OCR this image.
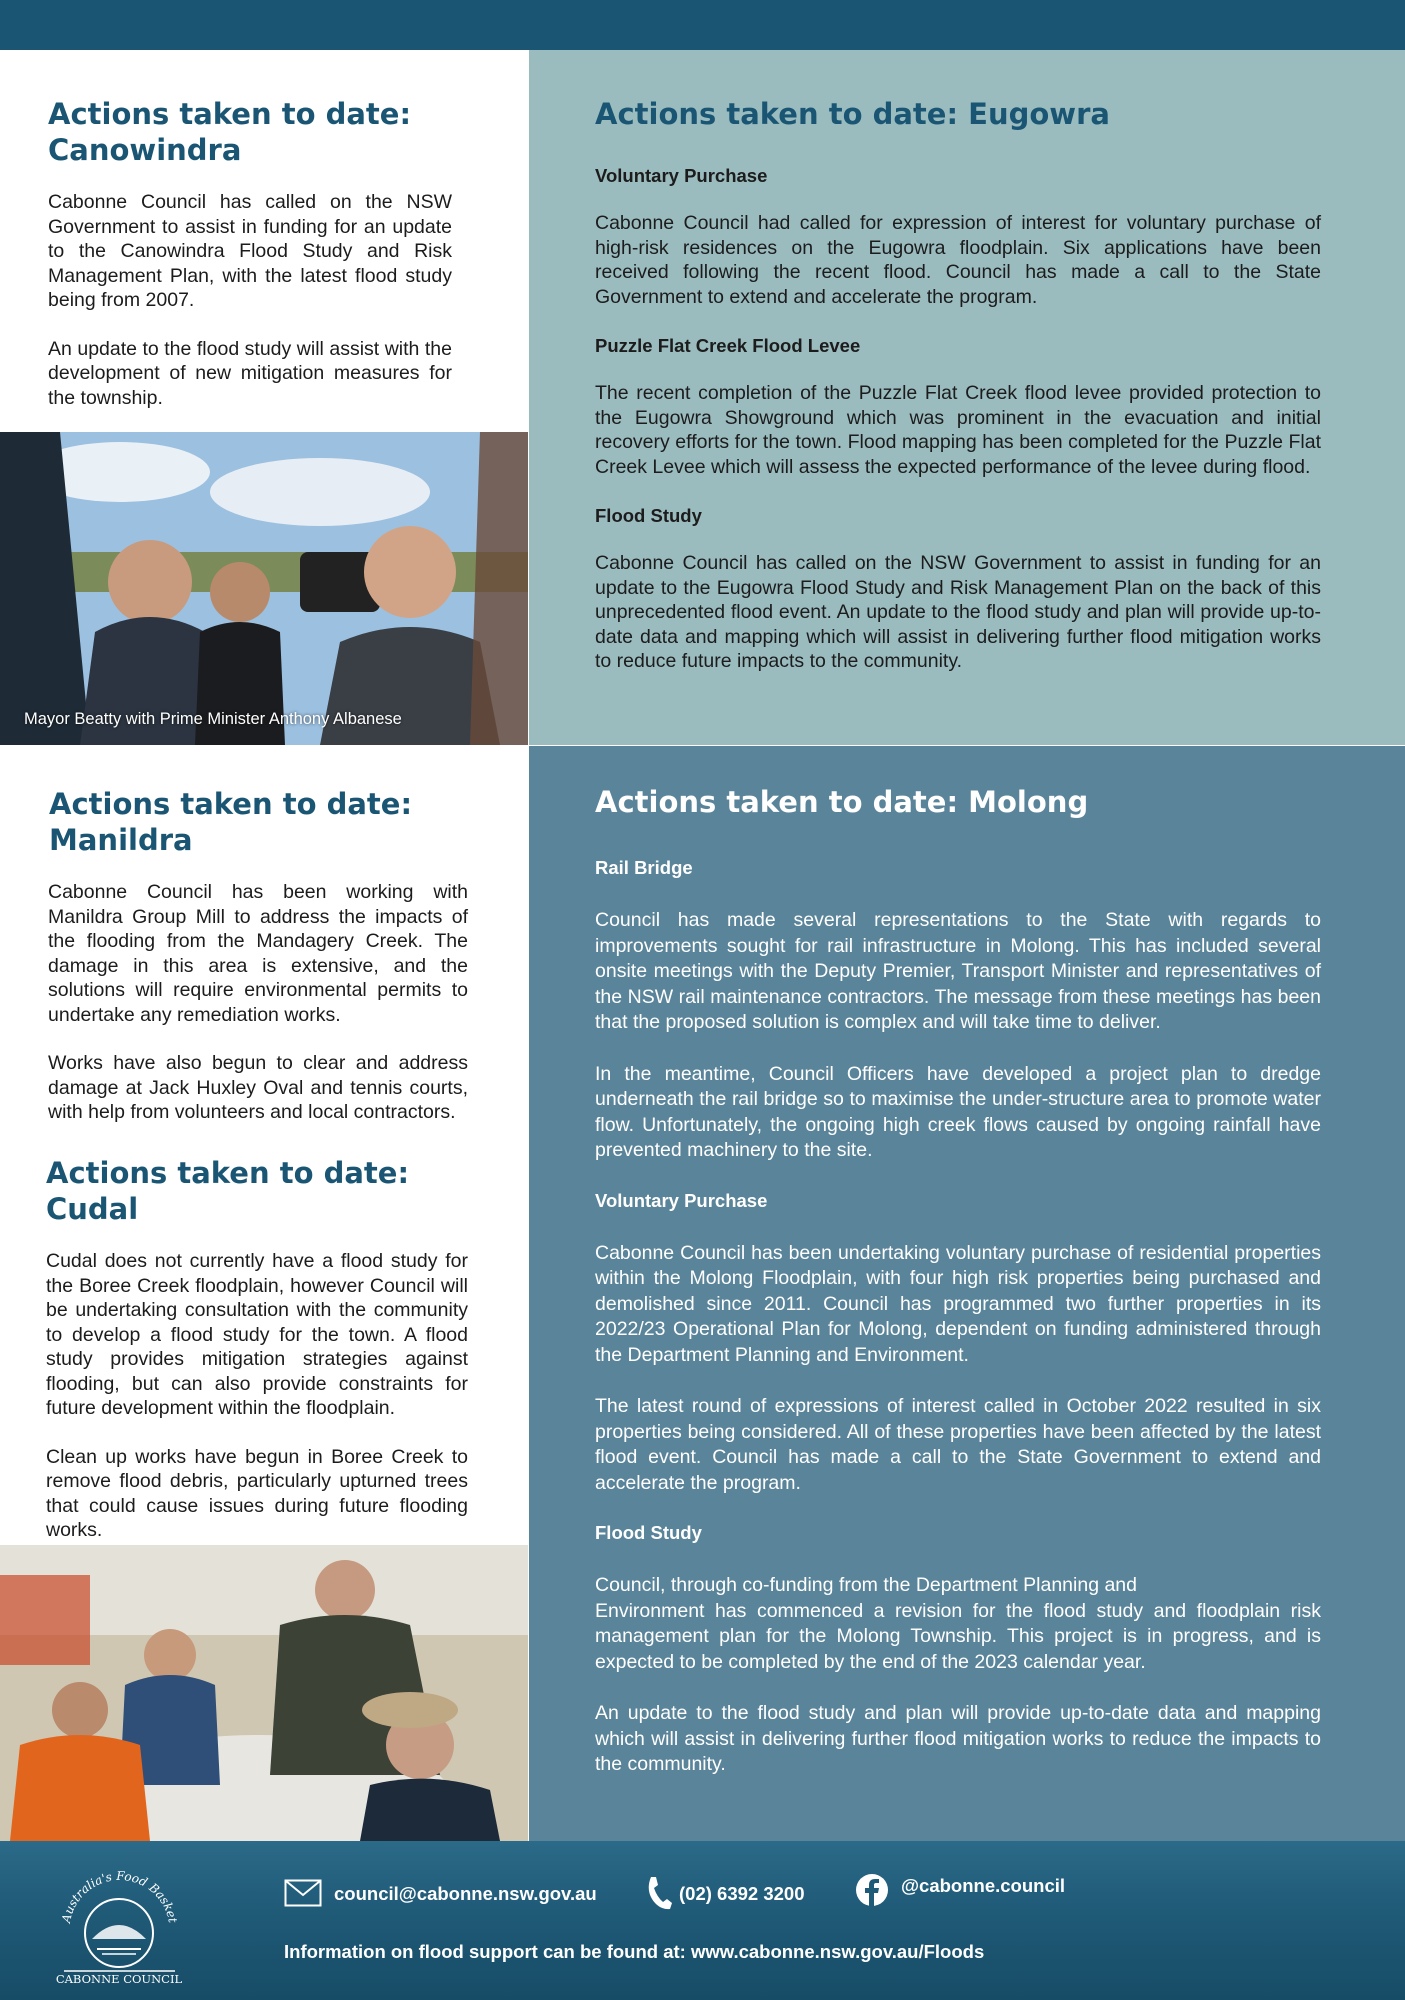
Actions taken to date:
Canowindra

Cabonne Council has called on the NSW Government to assist in funding for an update to the Canowindra Flood Study and Risk Management Plan, with the latest flood study being from 2007.

An update to the flood study will assist with the development of new mitigation measures for the township.

Mayor Beatty with Prime Minister Anthony Albanese
Actions taken to date: Eugowra
Voluntary Purchase

Cabonne Council had called for expression of interest for voluntary purchase of high-risk residences on the Eugowra floodplain. Six applications have been received following the recent flood. Council has made a call to the State Government to extend and accelerate the program.

Puzzle Flat Creek Flood Levee

The recent completion of the Puzzle Flat Creek flood levee provided protection to the Eugowra Showground which was prominent in the evacuation and initial recovery efforts for the town. Flood mapping has been completed for the Puzzle Flat Creek Levee which will assess the expected performance of the levee during flood.

Flood Study

Cabonne Council has called on the NSW Government to assist in funding for an update to the Eugowra Flood Study and Risk Management Plan on the back of this unprecedented flood event. An update to the flood study and plan will provide up-to-date data and mapping which will assist in delivering further flood mitigation works to reduce future impacts to the community.

Actions taken to date:
Manildra

Cabonne Council has been working with Manildra Group Mill to address the impacts of the flooding from the Mandagery Creek. The damage in this area is extensive, and the solutions will require environmental permits to undertake any remediation works.

Works have also begun to clear and address damage at Jack Huxley Oval and tennis courts, with help from volunteers and local contractors.

Actions taken to date: Cudal

Cudal does not currently have a flood study for the Boree Creek floodplain, however Council will be undertaking consultation with the community to develop a flood study for the town. A flood study provides mitigation strategies against flooding, but can also provide constraints for future development within the floodplain.

Clean up works have begun in Boree Creek to remove flood debris, particularly upturned trees that could cause issues during future flooding works.

Actions taken to date: Molong
Rail Bridge

Council has made several representations to the State with regards to improvements sought for rail infrastructure in Molong. This has included several onsite meetings with the Deputy Premier, Transport Minister and representatives of the NSW rail maintenance contractors. The message from these meetings has been that the proposed solution is complex and will take time to deliver.

In the meantime, Council Officers have developed a project plan to dredge underneath the rail bridge so to maximise the under-structure area to promote water flow. Unfortunately, the ongoing high creek flows caused by ongoing rainfall have prevented machinery to the site.

Voluntary Purchase

Cabonne Council has been undertaking voluntary purchase of residential properties within the Molong Floodplain, with four high risk properties being purchased and demolished since 2011. Council has programmed two further properties in its 2022/23 Operational Plan for Molong, dependent on funding administered through the Department Planning and Environment.

The latest round of expressions of interest called in October 2022 resulted in six properties being considered. All of these properties have been affected by the latest flood event. Council has made a call to the State Government to extend and accelerate the program.

Flood Study

Council, through co-funding from the Department Planning and
Environment has commenced a revision for the flood study and floodplain risk management plan for the Molong Township. This project is in progress, and is expected to be completed by the end of the 2023 calendar year.

An update to the flood study and plan will provide up-to-date data and mapping which will assist in delivering further flood mitigation works to reduce the impacts to the community.

Australia's Food Basket
CABONNE COUNCIL
council@cabonne.nsw.gov.au	(02) 6392 3200	@cabonne.council
Information on flood support can be found at: www.cabonne.nsw.gov.au/Floods
